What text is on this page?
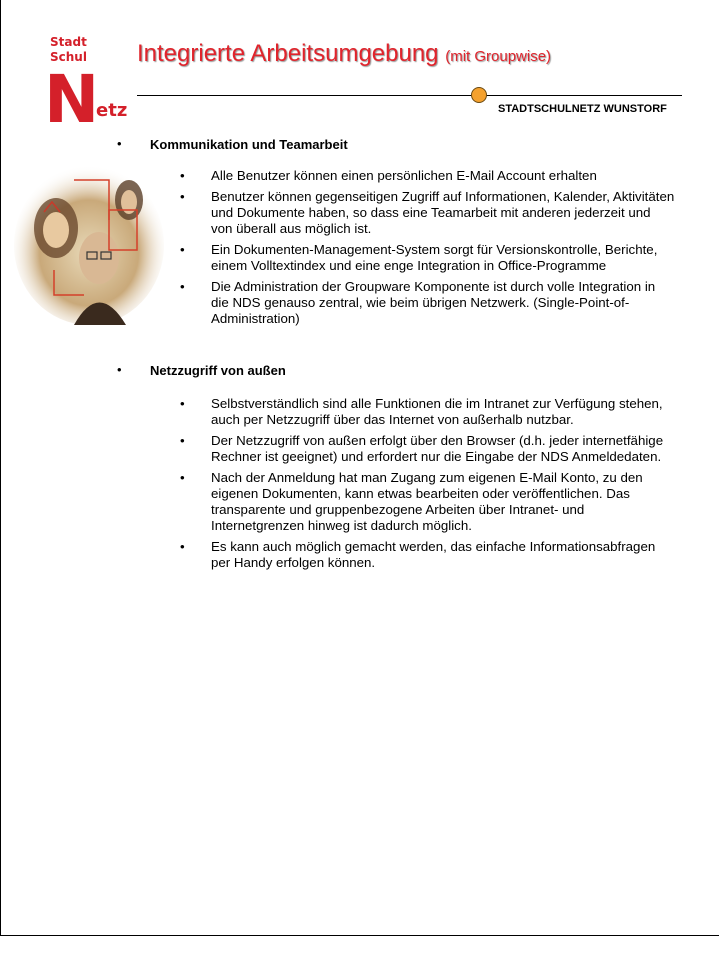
Stadt
Schul
N
etz
Integrierte Arbeitsumgebung (mit Groupwise)
STADTSCHULNETZ WUNSTORF
• Kommunikation und Teamarbeit
• Alle Benutzer können einen persönlichen E-Mail Account erhalten
• Benutzer können gegenseitigen Zugriff auf Informationen, Kalender, Aktivitäten und Dokumente haben, so dass eine Teamarbeit mit anderen jederzeit und von überall aus möglich ist.
• Ein Dokumenten-Management-System sorgt für Versionskontrolle, Berichte, einem Volltextindex und eine enge Integration in Office-Programme
• Die Administration der Groupware Komponente ist durch volle Integration in die NDS genauso zentral, wie beim übrigen Netzwerk. (Single-Point-of-Administration)
• Netzzugriff von außen
• Selbstverständlich sind alle Funktionen die im Intranet zur Verfügung stehen, auch per Netzzugriff über das Internet von außerhalb nutzbar.
• Der Netzzugriff von außen erfolgt über den Browser (d.h. jeder internetfähige Rechner ist geeignet) und erfordert nur die Eingabe der NDS Anmeldedaten.
• Nach der Anmeldung hat man Zugang zum eigenen E-Mail Konto, zu den eigenen Dokumenten, kann etwas bearbeiten oder veröffentlichen. Das transparente und gruppenbezogene Arbeiten über Intranet- und Internetgrenzen hinweg ist dadurch möglich.
• Es kann auch möglich gemacht werden, das einfache Informationsabfragen per Handy erfolgen können.
